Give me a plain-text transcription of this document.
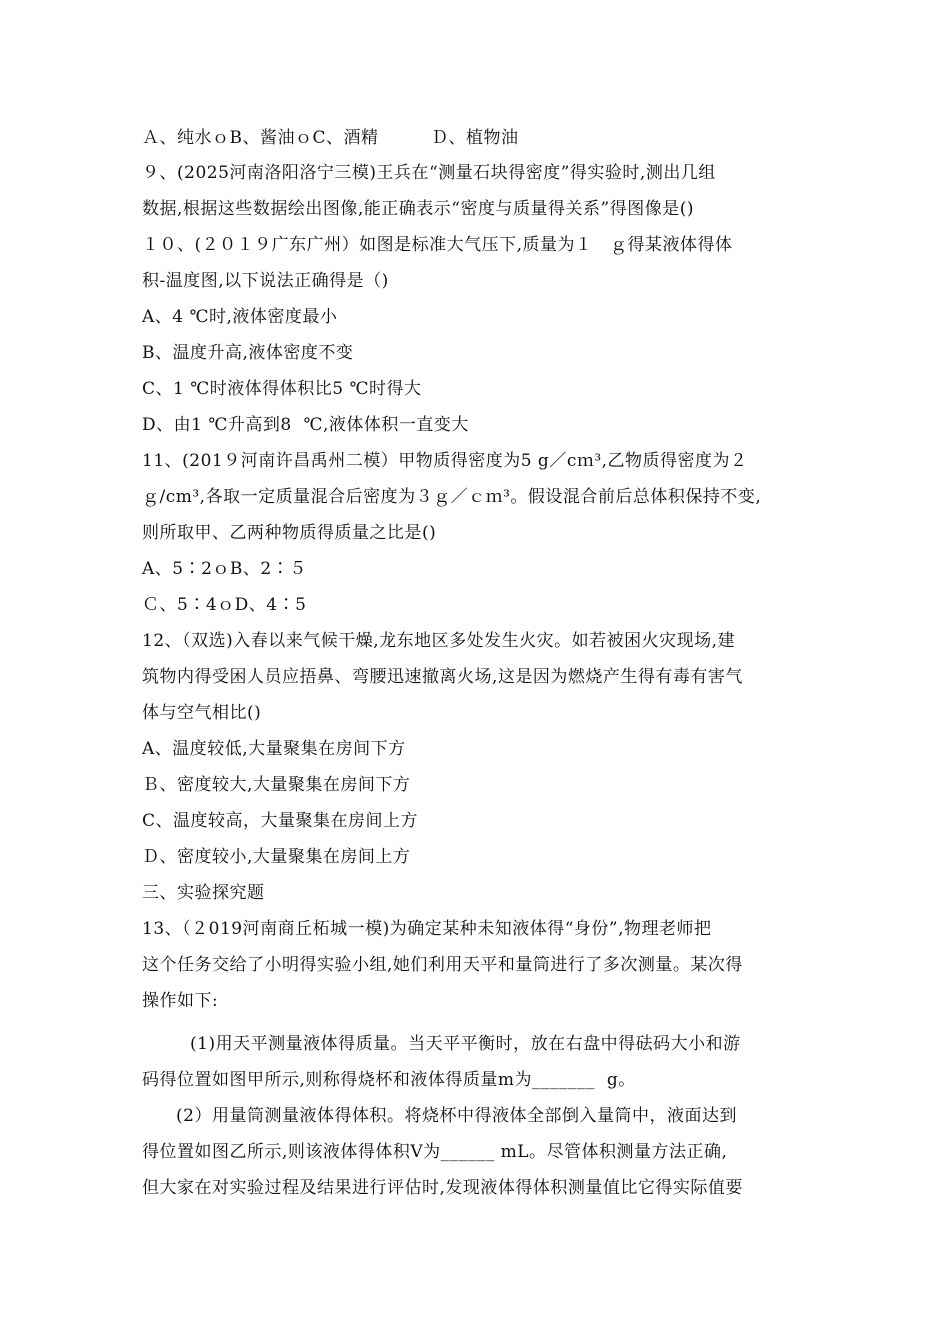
Ａ、纯水ｏB、酱油ｏC、酒精　　　Ｄ、植物油
９、(2025河南洛阳洛宁三模)王兵在“测量石块得密度”得实验时,测出几组
数据,根据这些数据绘出图像,能正确表示“密度与质量得关系”得图像是()
１０、(２０１９广东广州）如图是标准大气压下,质量为１　ｇ得某液体得体
积-温度图,以下说法正确得是（)
A、4 ℃时,液体密度最小
B、温度升高,液体密度不变
C、1 ℃时液体得体积比5 ℃时得大
D、由1 ℃升高到8  ℃,液体体积一直变大
11、(201９河南许昌禹州二模）甲物质得密度为5 g／cｍ³,乙物质得密度为２
ｇ/cm³,各取一定质量混合后密度为３ｇ／ｃｍ³。假设混合前后总体积保持不变,
则所取甲、乙两种物质得质量之比是()
A、5∶2ｏB、2∶５
Ｃ、5∶4ｏD、4∶5
12、（双选)入春以来气候干燥,龙东地区多处发生火灾。如若被困火灾现场,建
筑物内得受困人员应捂鼻、弯腰迅速撤离火场,这是因为燃烧产生得有毒有害气
体与空气相比()
A、温度较低,大量聚集在房间下方
Ｂ、密度较大,大量聚集在房间下方
C、温度较高，大量聚集在房间上方
Ｄ、密度较小,大量聚集在房间上方
三、实验探究题
13、（２019河南商丘柘城一模)为确定某种未知液体得“身份”,物理老师把
这个任务交给了小明得实验小组,她们利用天平和量筒进行了多次测量。某次得
操作如下:
(1)用天平测量液体得质量。当天平平衡时，放在右盘中得砝码大小和游
码得位置如图甲所示,则称得烧杯和液体得质量m为_______  g。
(2）用量筒测量液体得体积。将烧杯中得液体全部倒入量筒中，液面达到
得位置如图乙所示,则该液体得体积V为______ mL。尽管体积测量方法正确,
但大家在对实验过程及结果进行评估时,发现液体得体积测量值比它得实际值要
